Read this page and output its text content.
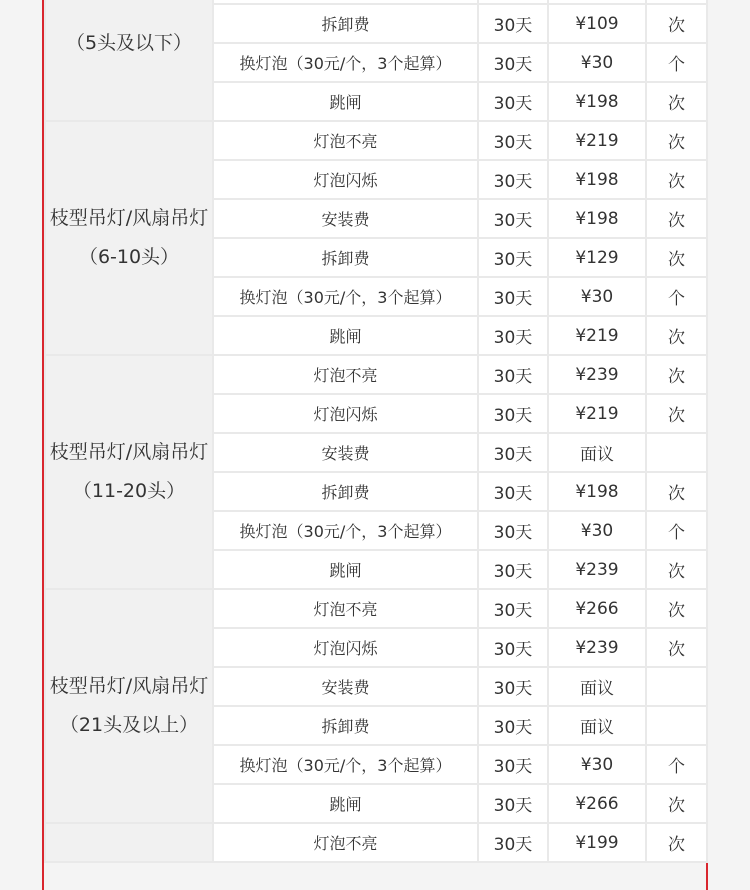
（5头及以下）				

	拆卸费	30天	¥109	次
	换灯泡（30元/个，3个起算）	30天	¥30	个
	跳闸	30天	¥198	次

枝型吊灯/风扇吊灯
（6-10头）	灯泡不亮	30天	¥219	次
	灯泡闪烁	30天	¥198	次
	安装费	30天	¥198	次
	拆卸费	30天	¥129	次
	换灯泡（30元/个，3个起算）	30天	¥30	个
	跳闸	30天	¥219	次

枝型吊灯/风扇吊灯
（11-20头）	灯泡不亮	30天	¥239	次
	灯泡闪烁	30天	¥219	次
	安装费	30天	面议	
	拆卸费	30天	¥198	次
	换灯泡（30元/个，3个起算）	30天	¥30	个
	跳闸	30天	¥239	次

枝型吊灯/风扇吊灯
（21头及以上）	灯泡不亮	30天	¥266	次
	灯泡闪烁	30天	¥239	次
	安装费	30天	面议	
	拆卸费	30天	面议	
	换灯泡（30元/个，3个起算）	30天	¥30	个
	跳闸	30天	¥266	次

	灯泡不亮	30天	¥199	次
